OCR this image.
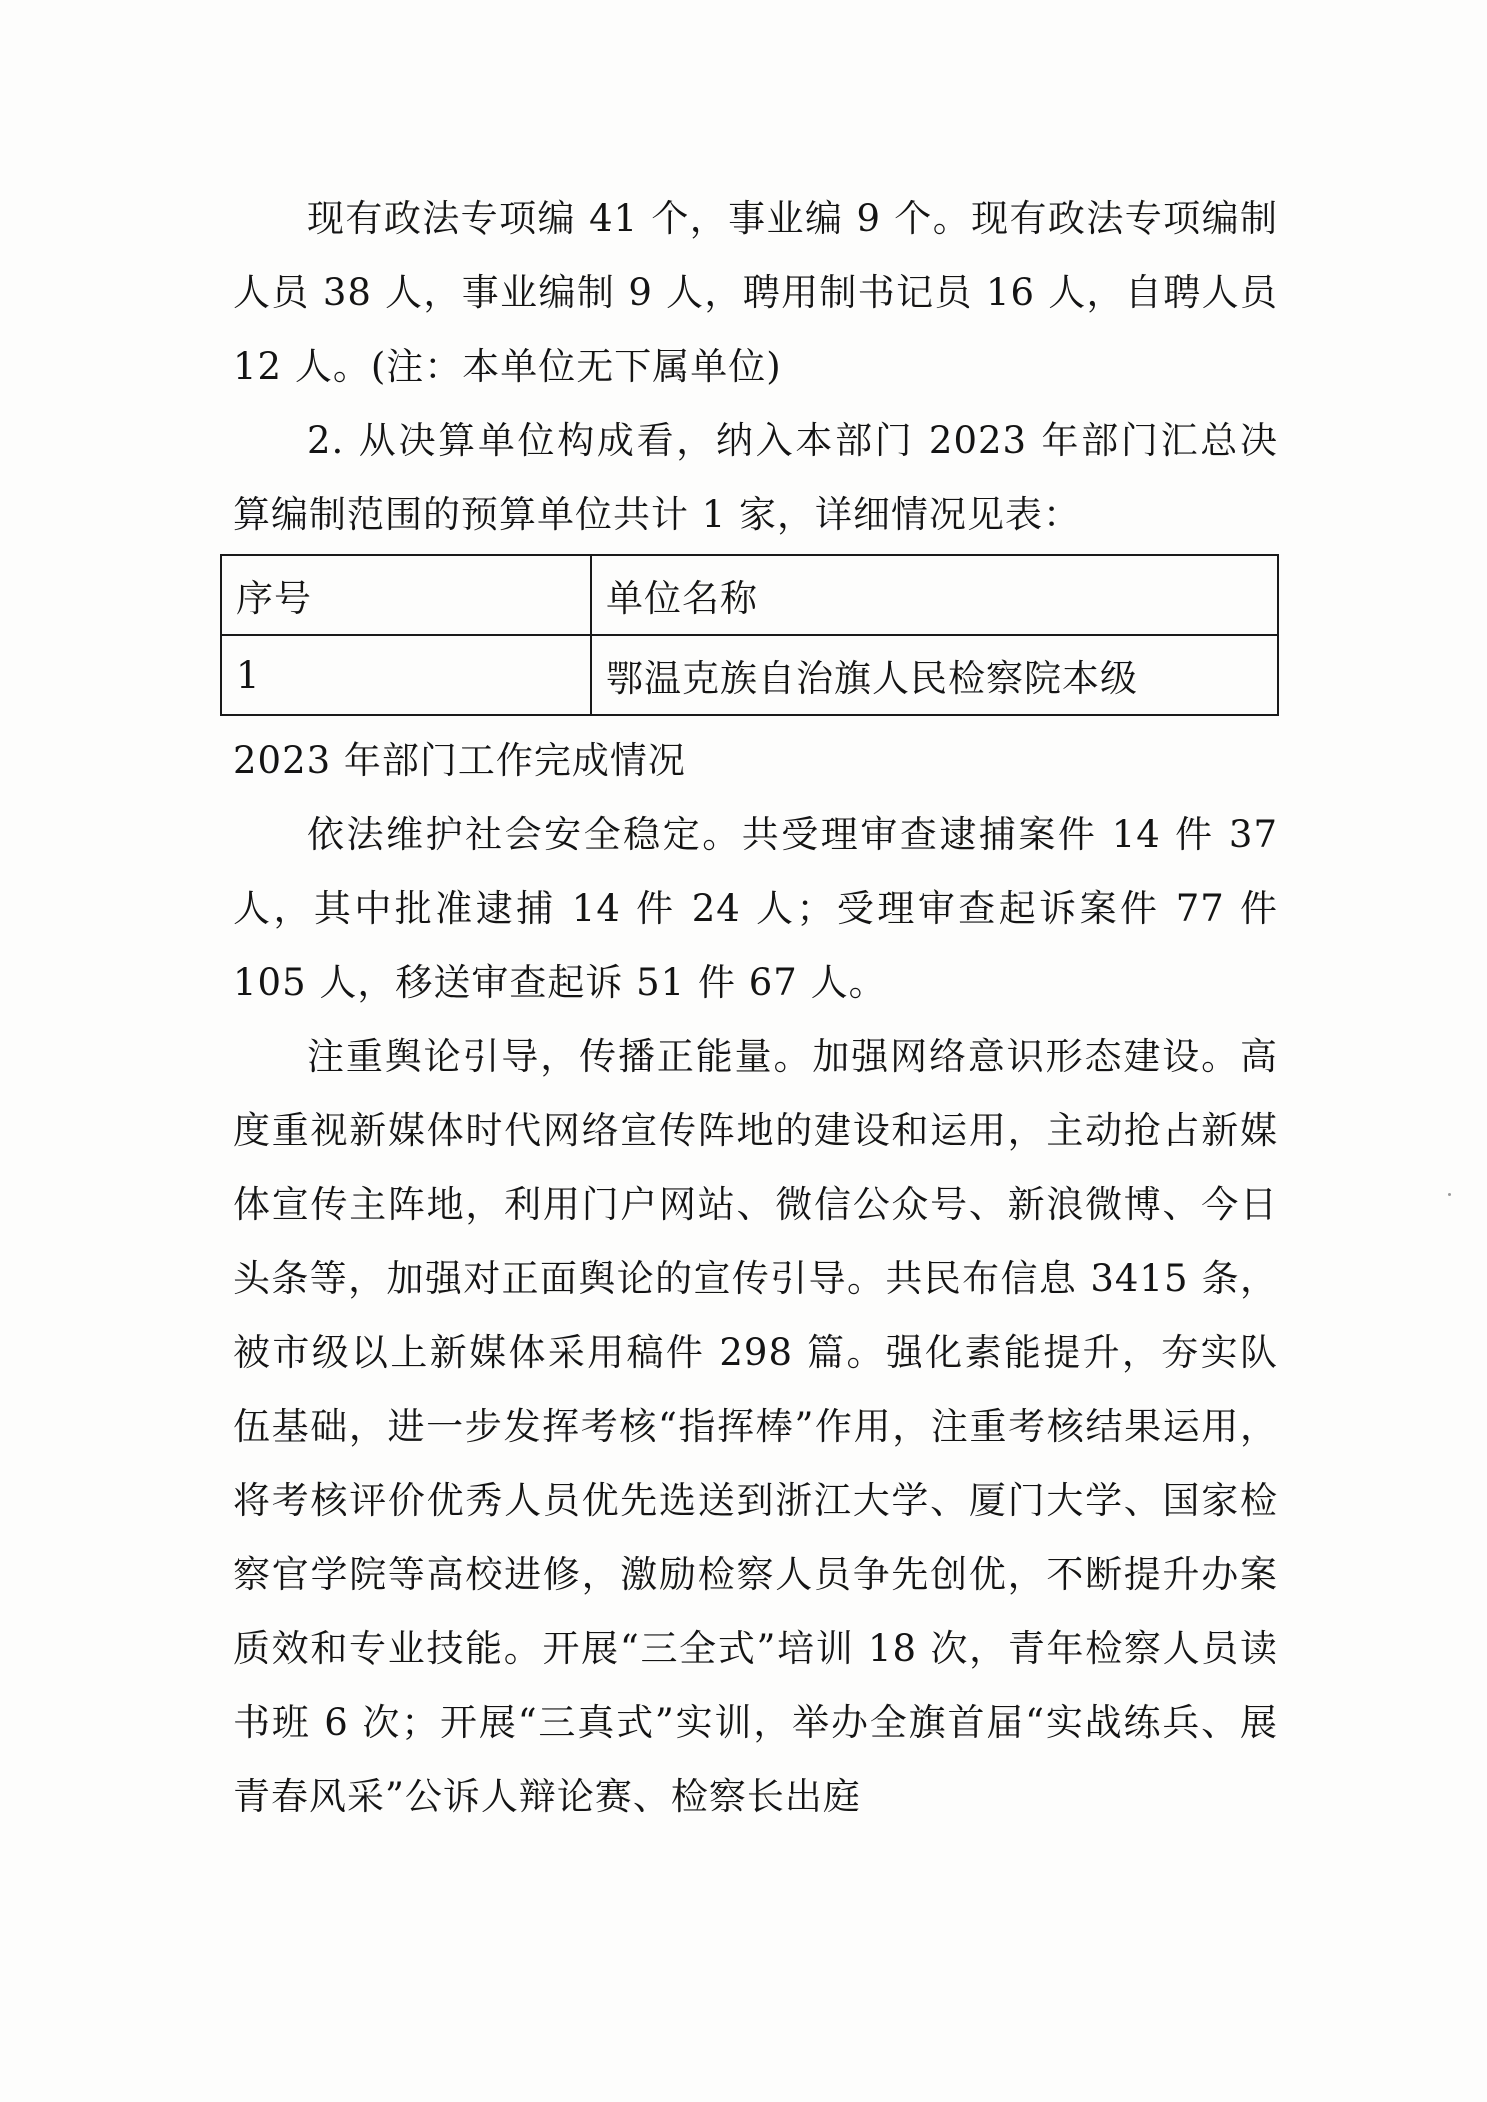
现有政法专项编 41 个，事业编 9 个。现有政法专项编制人员 38 人，事业编制 9 人，聘用制书记员 16 人，自聘人员 12 人。(注：本单位无下属单位)

2. 从决算单位构成看，纳入本部门 2023 年部门汇总决算编制范围的预算单位共计 1 家，详细情况见表：

序号	单位名称
1	鄂温克族自治旗人民检察院本级

2023 年部门工作完成情况

依法维护社会安全稳定。共受理审查逮捕案件 14 件 37 人，其中批准逮捕 14 件 24 人；受理审查起诉案件 77 件 105 人，移送审查起诉 51 件 67 人。

注重舆论引导，传播正能量。加强网络意识形态建设。高度重视新媒体时代网络宣传阵地的建设和运用，主动抢占新媒体宣传主阵地，利用门户网站、微信公众号、新浪微博、今日头条等，加强对正面舆论的宣传引导。共民布信息 3415 条，被市级以上新媒体采用稿件 298 篇。强化素能提升，夯实队伍基础，进一步发挥考核“指挥棒”作用，注重考核结果运用，将考核评价优秀人员优先选送到浙江大学、厦门大学、国家检察官学院等高校进修，激励检察人员争先创优，不断提升办案质效和专业技能。开展“三全式”培训 18 次，青年检察人员读书班 6 次；开展“三真式”实训，举办全旗首届“实战练兵、展青春风采”公诉人辩论赛、检察长出庭
